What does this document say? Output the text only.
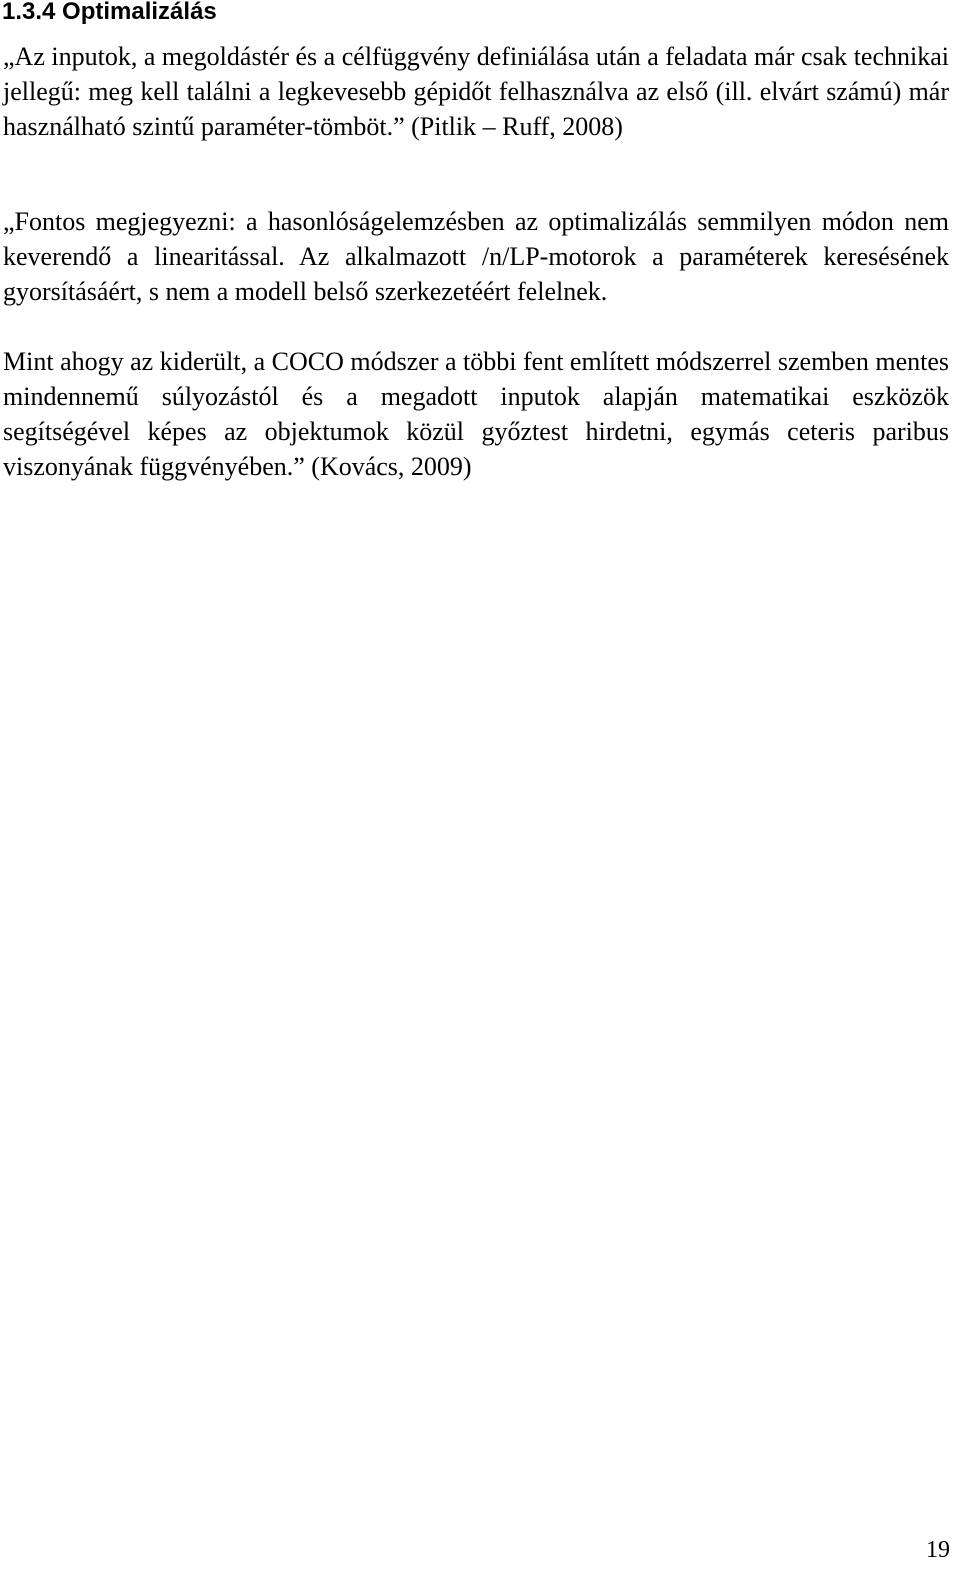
1.3.4 Optimalizálás

„Az inputok, a megoldástér és a célfüggvény definiálása után a feladata már csak technikai jellegű: meg kell találni a legkevesebb gépidőt felhasználva az első (ill. elvárt számú) már használható szintű paraméter-tömböt.” (Pitlik – Ruff, 2008)

„Fontos megjegyezni: a hasonlóságelemzésben az optimalizálás semmilyen módon nem keverendő a linearitással. Az alkalmazott /n/LP-motorok a paraméterek keresésének gyorsításáért, s nem a modell belső szerkezetéért felelnek.

Mint ahogy az kiderült, a COCO módszer a többi fent említett módszerrel szemben mentes mindennemű súlyozástól és a megadott inputok alapján matematikai eszközök segítségével képes az objektumok közül győztest hirdetni, egymás ceteris paribus viszonyának függvényében.” (Kovács, 2009)

19
